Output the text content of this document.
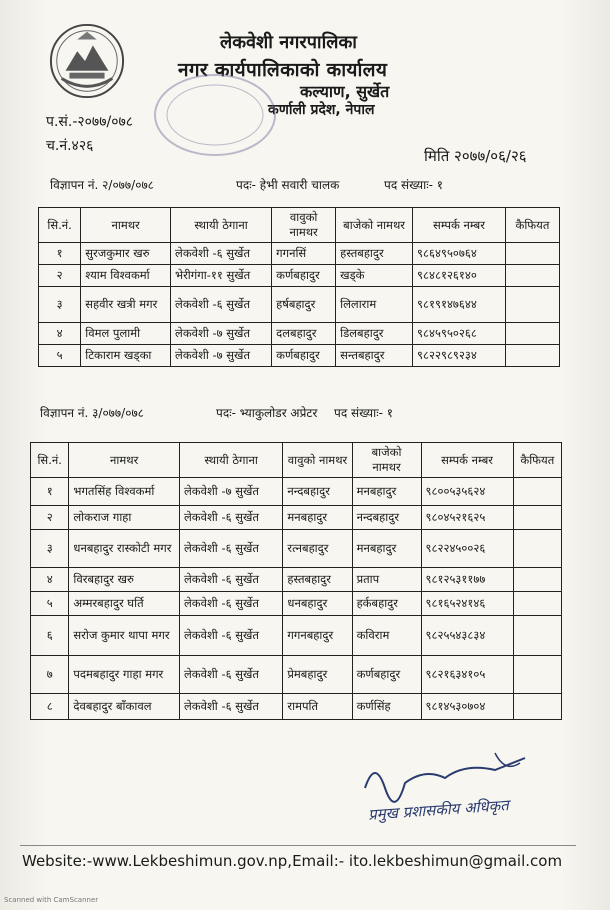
लेकवेशी नगरपालिका
नगर कार्यपालिकाको कार्यालय
कल्याण, सुर्खेत
कर्णाली प्रदेश, नेपाल
प.सं.-२०७७/०७८
च.नं.४२६
मिति २०७७/०६/२६
विज्ञापन नं. २/०७७/०७८	पदः- हेभी सवारी चालक	पद संख्याः- १
सि.नं.	नामथर	स्थायी ठेगाना	वावुको नामथर	बाजेको नामथर	सम्पर्क नम्बर	कैफियत
१	सुरजकुमार खरु	लेकवेशी -६ सुर्खेत	गगनसिं	हस्तबहादुर	९८६४९५०७६४	
२	श्याम विश्वकर्मा	भेरीगंगा-११ सुर्खेत	कर्णबहादुर	खड्के	९८४८१२६१४०	
३	सहवीर खत्री मगर	लेकवेशी -६ सुर्खेत	हर्षबहादुर	लिलाराम	९८१९१४७६४४	
४	विमल पुलामी	लेकवेशी -७ सुर्खेत	दलबहादुर	डिलबहादुर	९८४५९५०२६८	
५	टिकाराम खड्का	लेकवेशी -७ सुर्खेत	कर्णबहादुर	सन्तबहादुर	९८२२९८९२३४	
विज्ञापन नं. ३/०७७/०७८	पदः- भ्याकुलोडर अप्रेटर पद संख्याः- १
सि.नं.	नामथर	स्थायी ठेगाना	वावुको नामथर	बाजेको नामथर	सम्पर्क नम्बर	कैफियत
१	भगतसिंह विश्वकर्मा	लेकवेशी -७ सुर्खेत	नन्दबहादुर	मनबहादुर	९८००५३५६२४	
२	लोकराज गाहा	लेकवेशी -६ सुर्खेत	मनबहादुर	नन्दबहादुर	९८०४५२१६२५	
३	धनबहादुर रास्कोटी मगर	लेकवेशी -६ सुर्खेत	रत्नबहादुर	मनबहादुर	९८२२४५००२६	
४	विरबहादुर खरु	लेकवेशी -६ सुर्खेत	हस्तबहादुर	प्रताप	९८१२५३११७७	
५	अम्मरबहादुर घर्ति	लेकवेशी -६ सुर्खेत	धनबहादुर	हर्कबहादुर	९८१६५२४१४६	
६	सरोज कुमार थापा मगर	लेकवेशी -६ सुर्खेत	गगनबहादुर	कविराम	९८२५५४३८३४	
७	पदमबहादुर गाहा मगर	लेकवेशी -६ सुर्खेत	प्रेमबहादुर	कर्णबहादुर	९८२१६३४१०५	
८	देवबहादुर बाँकावल	लेकवेशी -६ सुर्खेत	रामपति	कर्णसिंह	९८१४५३०७०४	
प्रमुख प्रशासकीय अधिकृत
Website:-www.Lekbeshimun.gov.np,Email:- ito.lekbeshimun@gmail.com
Scanned with CamScanner
